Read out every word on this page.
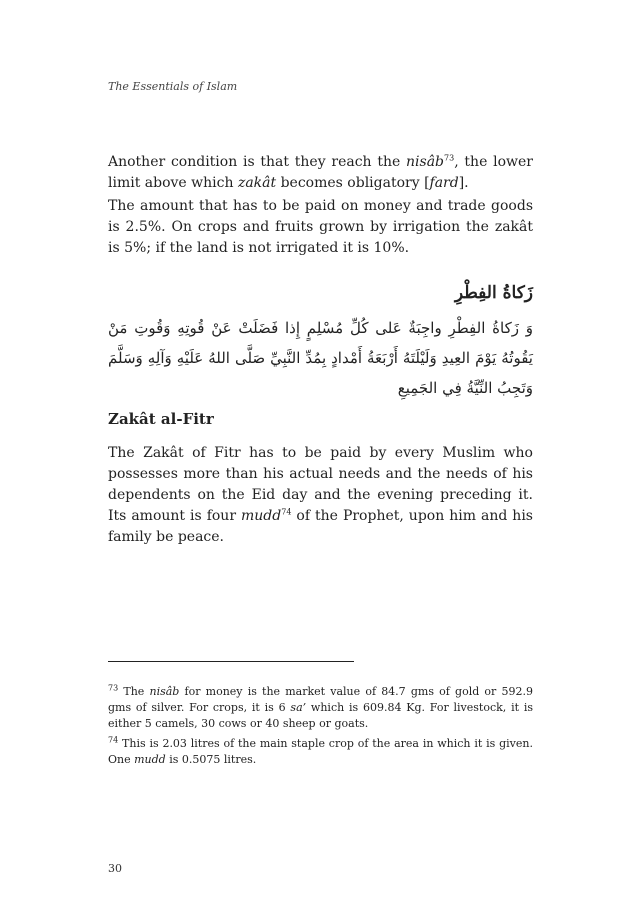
The Essentials of Islam

Another condition is that they reach the nisâb$^{73}$, the lower limit above which zakât becomes obligatory [fard].

The amount that has to be paid on money and trade goods is 2.5%. On crops and fruits grown by irrigation the zakât is 5%; if the land is not irrigated it is 10%.

زَكاةُ الفِطْرِ
وَ زَكاةُ الفِطْرِ واجِبَةٌ عَلى كُلِّ مُسْلِمٍ إِذا فَضَلَتْ عَنْ قُوتِهِ وَقُوتِ مَنْ يَقُوتُهُ يَوْمَ العِيدِ وَلَيْلَتَهُ أَرْبَعَةُ أَمْدادٍ بِمُدِّ النَّبِيِّ صَلَّى اللهُ عَلَيْهِ وَآلِهِ وَسَلَّمَ وَتَجِبُ النِّيَّةُ فِي الجَمِيعِ
Zakât al-Fitr

The Zakât of Fitr has to be paid by every Muslim who possesses more than his actual needs and the needs of his dependents on the Eid day and the evening preceding it. Its amount is four mudd$^{74}$ of the Prophet, upon him and his family be peace.

$^{73}$ The nisâb for money is the market value of 84.7 gms of gold or 592.9 gms of silver. For crops, it is 6 sa’ which is 609.84 Kg. For livestock, it is either 5 camels, 30 cows or 40 sheep or goats.

$^{74}$ This is 2.03 litres of the main staple crop of the area in which it is given. One mudd is 0.5075 litres.

30
